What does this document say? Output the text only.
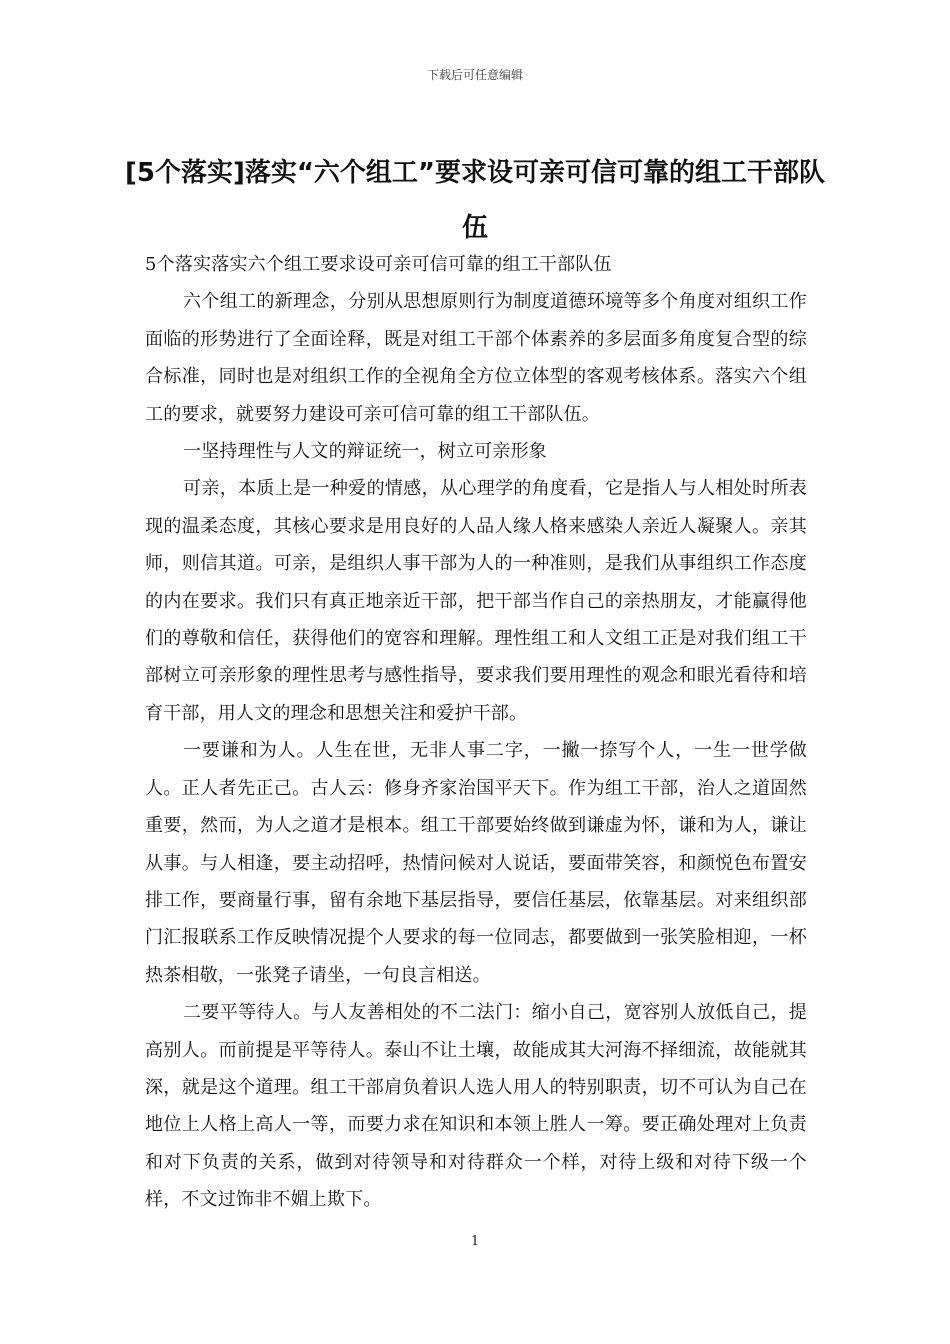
下载后可任意编辑
[5个落实]落实“六个组工”要求设可亲可信可靠的组工干部队伍

5个落实落实六个组工要求设可亲可信可靠的组工干部队伍

六个组工的新理念，分别从思想原则行为制度道德环境等多个角度对组织工作面临的形势进行了全面诠释，既是对组工干部个体素养的多层面多角度复合型的综合标准，同时也是对组织工作的全视角全方位立体型的客观考核体系。落实六个组工的要求，就要努力建设可亲可信可靠的组工干部队伍。

一坚持理性与人文的辩证统一，树立可亲形象

可亲，本质上是一种爱的情感，从心理学的角度看，它是指人与人相处时所表现的温柔态度，其核心要求是用良好的人品人缘人格来感染人亲近人凝聚人。亲其师，则信其道。可亲，是组织人事干部为人的一种准则，是我们从事组织工作态度的内在要求。我们只有真正地亲近干部，把干部当作自己的亲热朋友，才能赢得他们的尊敬和信任，获得他们的宽容和理解。理性组工和人文组工正是对我们组工干部树立可亲形象的理性思考与感性指导，要求我们要用理性的观念和眼光看待和培育干部，用人文的理念和思想关注和爱护干部。

一要谦和为人。人生在世，无非人事二字，一撇一捺写个人，一生一世学做人。正人者先正己。古人云：修身齐家治国平天下。作为组工干部，治人之道固然重要，然而，为人之道才是根本。组工干部要始终做到谦虚为怀，谦和为人，谦让从事。与人相逢，要主动招呼，热情问候对人说话，要面带笑容，和颜悦色布置安排工作，要商量行事，留有余地下基层指导，要信任基层，依靠基层。对来组织部门汇报联系工作反映情况提个人要求的每一位同志，都要做到一张笑脸相迎，一杯热茶相敬，一张凳子请坐，一句良言相送。

二要平等待人。与人友善相处的不二法门：缩小自己，宽容别人放低自己，提高别人。而前提是平等待人。泰山不让土壤，故能成其大河海不择细流，故能就其深，就是这个道理。组工干部肩负着识人选人用人的特别职责，切不可认为自己在地位上人格上高人一等，而要力求在知识和本领上胜人一筹。要正确处理对上负责和对下负责的关系，做到对待领导和对待群众一个样，对待上级和对待下级一个样，不文过饰非不媚上欺下。

1
